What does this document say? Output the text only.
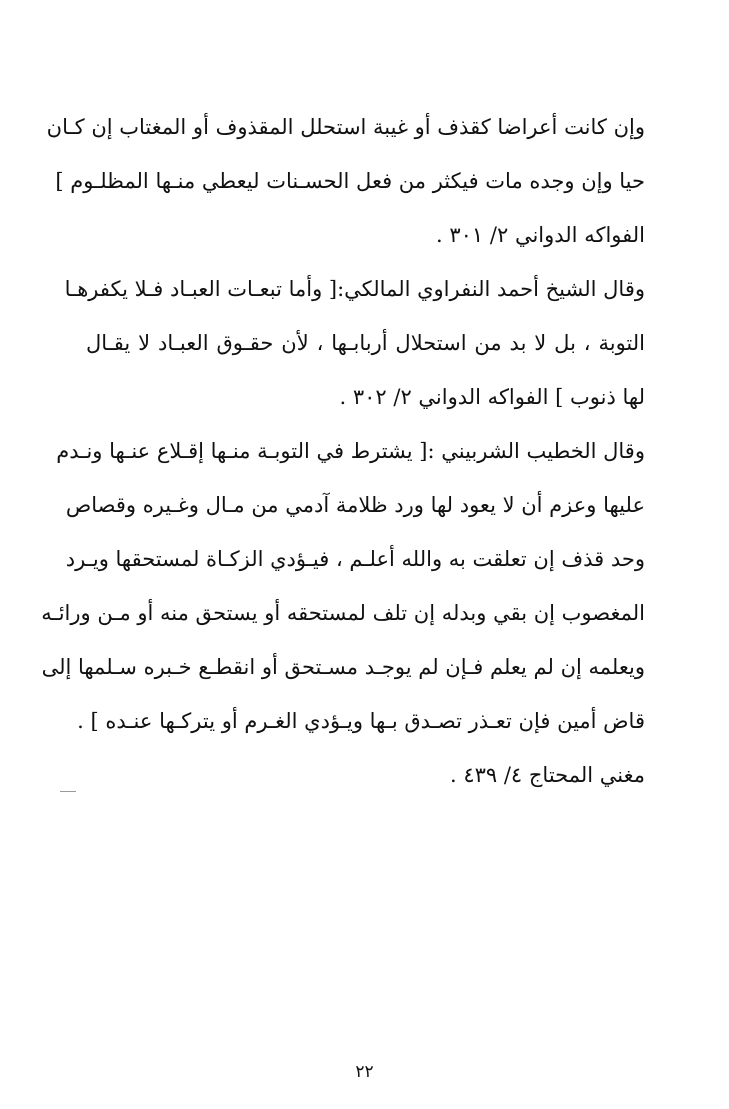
وإن كانت أعراضا كقذف أو غيبة استحلل المقذوف أو المغتاب إن كـان
حيا وإن وجده مات فيكثر من فعل الحسـنات ليعطي منـها المظلـوم ]
الفواكه الدواني ٢/ ٣٠١ .
وقال الشيخ أحمد النفراوي المالكي:[ وأما تبعـات العبـاد فـلا يكفرهـا
التوبة ، بل لا بد من استحلال أربابـها ، لأن حقـوق العبـاد لا يقـال
لها ذنوب ] الفواكه الدواني ٢/ ٣٠٢ .
وقال الخطيب الشربيني :[ يشترط في التوبـة منـها إقـلاع عنـها ونـدم
عليها وعزم أن لا يعود لها ورد ظلامة آدمي من مـال وغـيره وقصاص
وحد قذف إن تعلقت به والله أعلـم ، فيـؤدي الزكـاة لمستحقها ويـرد
المغصوب إن بقي وبدله إن تلف لمستحقه أو يستحق منه أو مـن ورائـه
ويعلمه إن لم يعلم فـإن لم يوجـد مسـتحق أو انقطـع خـبره سـلمها إلى
قاض أمين فإن تعـذر تصـدق بـها ويـؤدي الغـرم أو يتركـها عنـده ] .
مغني المحتاج ٤/ ٤٣٩ .
٢٢
